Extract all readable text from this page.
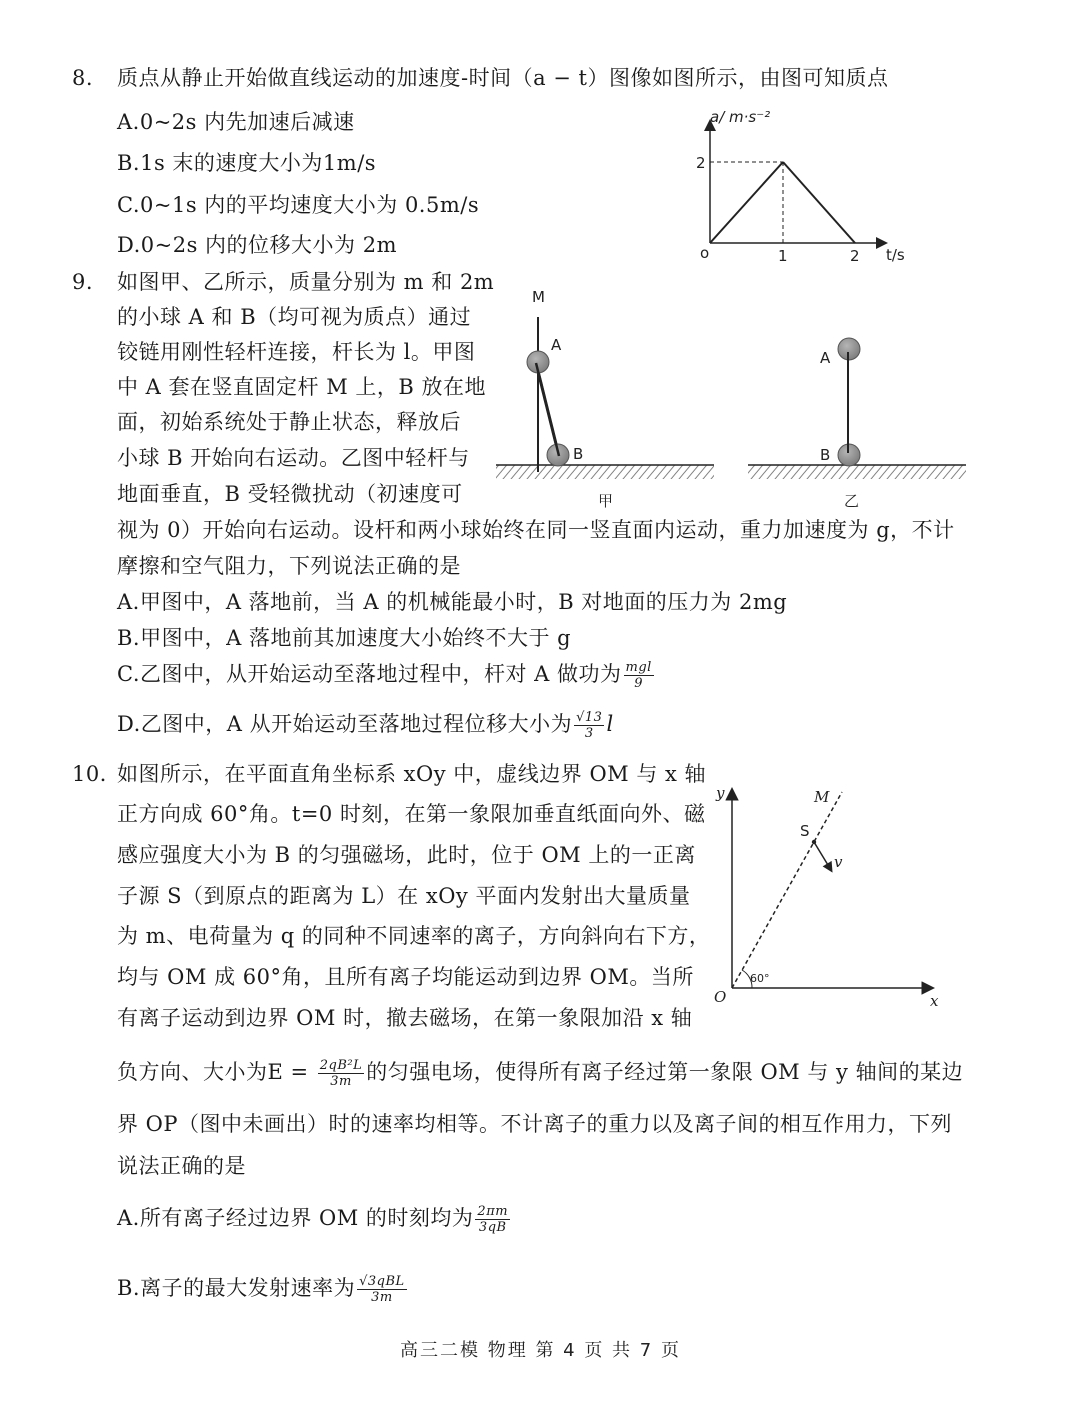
8. 质点从静止开始做直线运动的加速度-时间（a − t）图像如图所示，由图可知质点
A.0~2s 内先加速后减速
B.1s 末的速度大小为1m/s
C.0~1s 内的平均速度大小为 0.5m/s
D.0~2s 内的位移大小为 2m
a/ m·s⁻²
2
o	1	2 t/s
9. 如图甲、乙所示，质量分别为 m 和 2m
的小球 A 和 B（均可视为质点）通过
铰链用刚性轻杆连接，杆长为 l。甲图
中 A 套在竖直固定杆 M 上，B 放在地
面，初始系统处于静止状态，释放后
小球 B 开始向右运动。乙图中轻杆与
地面垂直，B 受轻微扰动（初速度可
视为 0）开始向右运动。设杆和两小球始终在同一竖直面内运动，重力加速度为 g，不计
摩擦和空气阻力，下列说法正确的是
A.甲图中，A 落地前，当 A 的机械能最小时，B 对地面的压力为 2mg
B.甲图中，A 落地前其加速度大小始终不大于 g
C.乙图中，从开始运动至落地过程中，杆对 A 做功为 $\frac{\text{mgl}}{9}$
D.乙图中，A 从开始运动至落地过程位移大小为 $\frac{√13}{3}$ l
M
A
B
甲
A
B
乙
10．
如图所示，在平面直角坐标系 xOy 中，虚线边界 OM 与 x 轴
正方向成 60°角。t=0 时刻，在第一象限加垂直纸面向外、磁
感应强度大小为 B 的匀强磁场，此时，位于 OM 上的一正离
子源 S（到原点的距离为 L）在 xOy 平面内发射出大量质量
为 m、电荷量为 q 的同种不同速率的离子，方向斜向右下方，
均与 OM 成 60°角，且所有离子均能运动到边界 OM。当所
有离子运动到边界 OM 时，撤去磁场，在第一象限加沿 x 轴
负方向、大小为$E = \frac{\text{2qB²L}}{3m}$ 的匀强电场，使得所有离子经过第一象限 OM 与 y 轴间的某边
界 OP（图中未画出）时的速率均相等。不计离子的重力以及离子间的相互作用力，下列
说法正确的是
A.所有离子经过边界 OM 的时刻均为 $\frac{2\pi m}{3qB}$
B.离子的最大发射速率为 $\frac{\text{√3qBL}}{3m}$
y
x
O
M
S
v
60°
高三二模 物理 第 4 页 共 7 页
